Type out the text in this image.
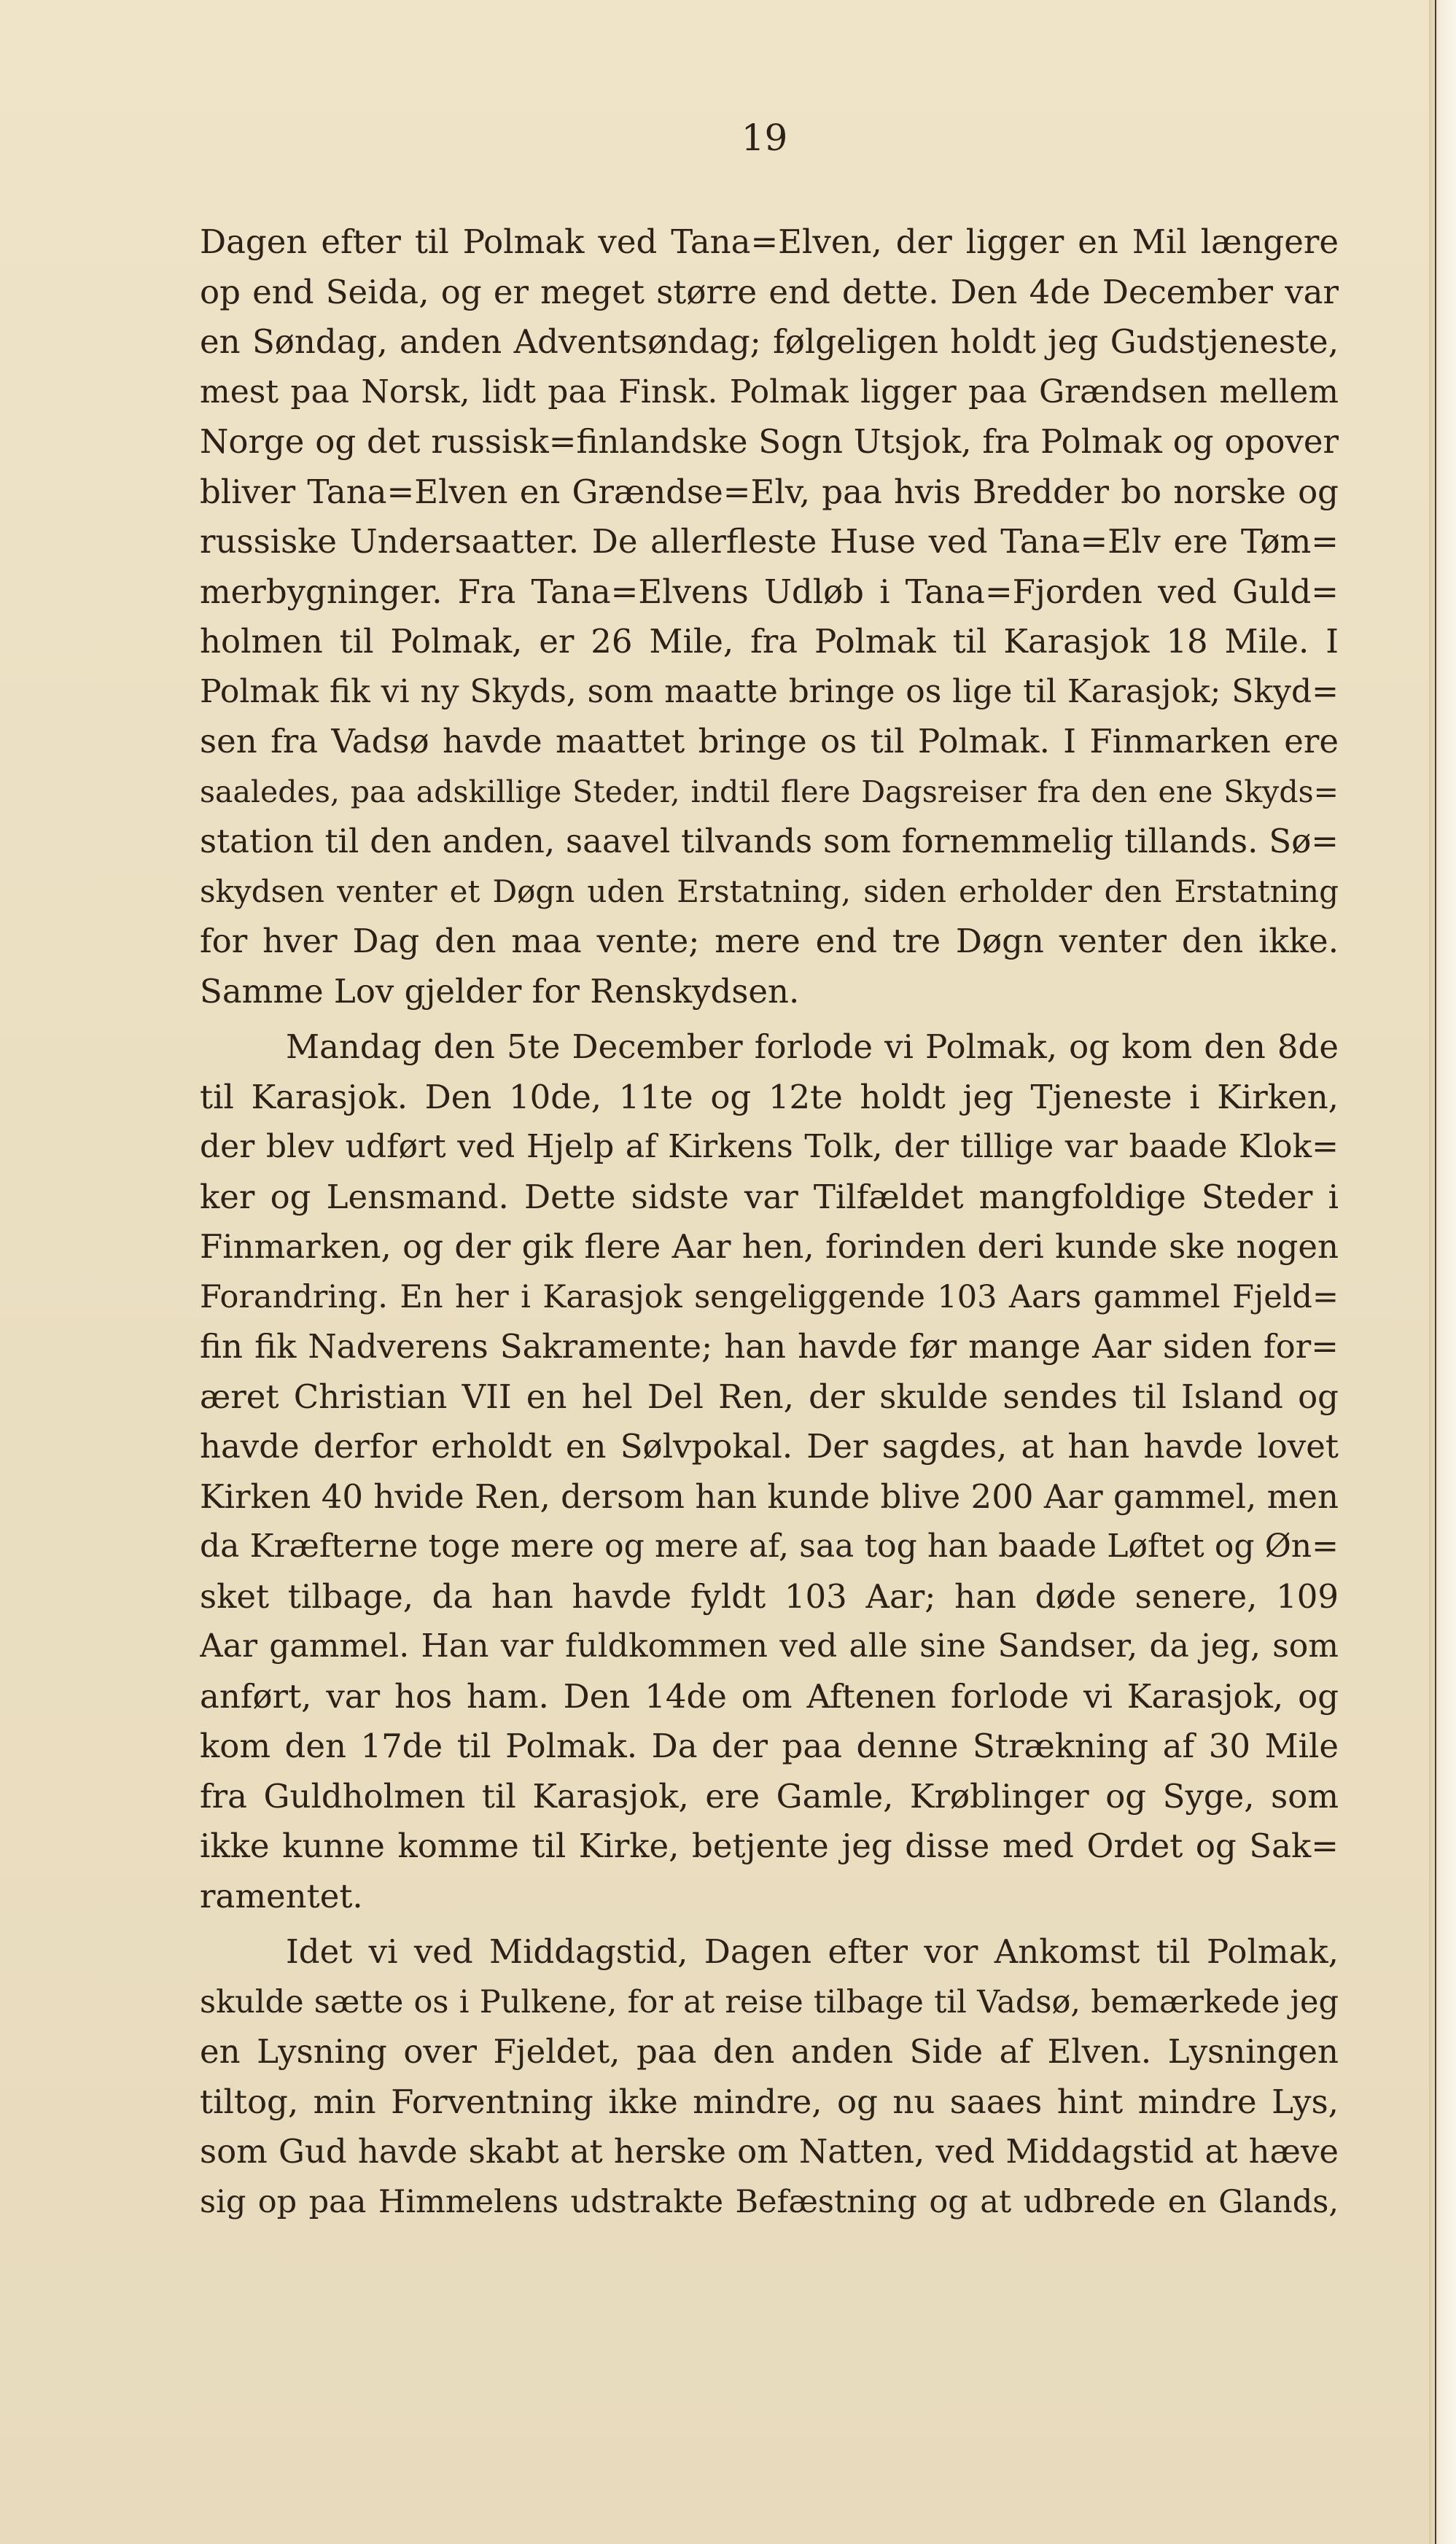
19
Dagen efter til Polmak ved Tana=Elven, der ligger en Mil længere
op end Seida, og er meget større end dette. Den 4de December var
en Søndag, anden Adventsøndag; følgeligen holdt jeg Gudstjeneste,
mest paa Norsk, lidt paa Finsk. Polmak ligger paa Grændsen mellem
Norge og det russisk=finlandske Sogn Utsjok, fra Polmak og opover
bliver Tana=Elven en Grændse=Elv, paa hvis Bredder bo norske og
russiske Undersaatter. De allerfleste Huse ved Tana=Elv ere Tøm=
merbygninger. Fra Tana=Elvens Udløb i Tana=Fjorden ved Guld=
holmen til Polmak, er 26 Mile, fra Polmak til Karasjok 18 Mile. I
Polmak fik vi ny Skyds, som maatte bringe os lige til Karasjok; Skyd=
sen fra Vadsø havde maattet bringe os til Polmak. I Finmarken ere
saaledes, paa adskillige Steder, indtil flere Dagsreiser fra den ene Skyds=
station til den anden, saavel tilvands som fornemmelig tillands. Sø=
skydsen venter et Døgn uden Erstatning, siden erholder den Erstatning
for hver Dag den maa vente; mere end tre Døgn venter den ikke.
Samme Lov gjelder for Renskydsen.
Mandag den 5te December forlode vi Polmak, og kom den 8de
til Karasjok. Den 10de, 11te og 12te holdt jeg Tjeneste i Kirken,
der blev udført ved Hjelp af Kirkens Tolk, der tillige var baade Klok=
ker og Lensmand. Dette sidste var Tilfældet mangfoldige Steder i
Finmarken, og der gik flere Aar hen, forinden deri kunde ske nogen
Forandring. En her i Karasjok sengeliggende 103 Aars gammel Fjeld=
fin fik Nadverens Sakramente; han havde før mange Aar siden for=
æret Christian VII en hel Del Ren, der skulde sendes til Island og
havde derfor erholdt en Sølvpokal. Der sagdes, at han havde lovet
Kirken 40 hvide Ren, dersom han kunde blive 200 Aar gammel, men
da Kræfterne toge mere og mere af, saa tog han baade Løftet og Øn=
sket tilbage, da han havde fyldt 103 Aar; han døde senere, 109
Aar gammel. Han var fuldkommen ved alle sine Sandser, da jeg, som
anført, var hos ham. Den 14de om Aftenen forlode vi Karasjok, og
kom den 17de til Polmak. Da der paa denne Strækning af 30 Mile
fra Guldholmen til Karasjok, ere Gamle, Krøblinger og Syge, som
ikke kunne komme til Kirke, betjente jeg disse med Ordet og Sak=
ramentet.
Idet vi ved Middagstid, Dagen efter vor Ankomst til Polmak,
skulde sætte os i Pulkene, for at reise tilbage til Vadsø, bemærkede jeg
en Lysning over Fjeldet, paa den anden Side af Elven. Lysningen
tiltog, min Forventning ikke mindre, og nu saaes hint mindre Lys,
som Gud havde skabt at herske om Natten, ved Middagstid at hæve
sig op paa Himmelens udstrakte Befæstning og at udbrede en Glands,
